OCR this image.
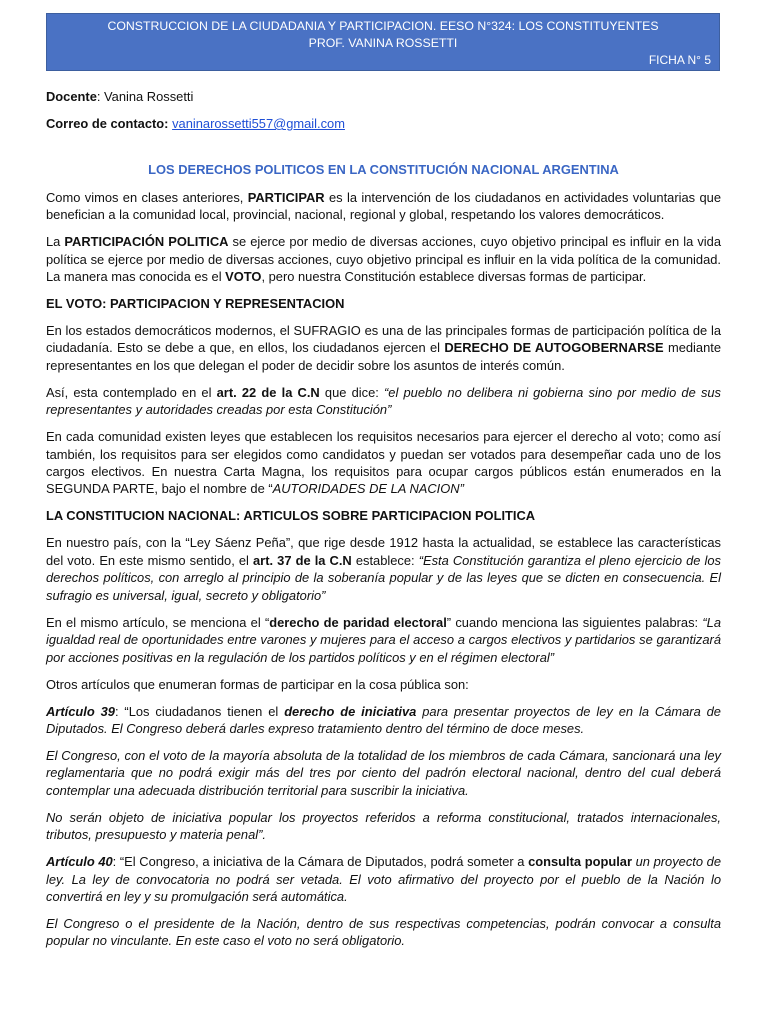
CONSTRUCCION DE LA CIUDADANIA Y PARTICIPACION. EESO N°324: LOS CONSTITUYENTES
PROF. VANINA ROSSETTI
FICHA N° 5

Docente: Vanina Rossetti

Correo de contacto: vaninarossetti557@gmail.com

LOS DERECHOS POLITICOS EN LA CONSTITUCIÓN NACIONAL ARGENTINA

Como vimos en clases anteriores, PARTICIPAR es la intervención de los ciudadanos en actividades voluntarias que benefician a la comunidad local, provincial, nacional, regional y global, respetando los valores democráticos.

La PARTICIPACIÓN POLITICA se ejerce por medio de diversas acciones, cuyo objetivo principal es influir en la vida política se ejerce por medio de diversas acciones, cuyo objetivo principal es influir en la vida política de la comunidad. La manera mas conocida es el VOTO, pero nuestra Constitución establece diversas formas de participar.

EL VOTO: PARTICIPACION Y REPRESENTACION

En los estados democráticos modernos, el SUFRAGIO es una de las principales formas de participación política de la ciudadanía. Esto se debe a que, en ellos, los ciudadanos ejercen el DERECHO DE AUTOGOBERNARSE mediante representantes en los que delegan el poder de decidir sobre los asuntos de interés común.

Así, esta contemplado en el art. 22 de la C.N que dice: “el pueblo no delibera ni gobierna sino por medio de sus representantes y autoridades creadas por esta Constitución”

En cada comunidad existen leyes que establecen los requisitos necesarios para ejercer el derecho al voto; como así también, los requisitos para ser elegidos como candidatos y puedan ser votados para desempeñar cada uno de los cargos electivos. En nuestra Carta Magna, los requisitos para ocupar cargos públicos están enumerados en la SEGUNDA PARTE, bajo el nombre de “AUTORIDADES DE LA NACION”

LA CONSTITUCION NACIONAL: ARTICULOS SOBRE PARTICIPACION POLITICA

En nuestro país, con la “Ley Sáenz Peña”, que rige desde 1912 hasta la actualidad, se establece las características del voto. En este mismo sentido, el art. 37 de la C.N establece: “Esta Constitución garantiza el pleno ejercicio de los derechos políticos, con arreglo al principio de la soberanía popular y de las leyes que se dicten en consecuencia. El sufragio es universal, igual, secreto y obligatorio”

En el mismo artículo, se menciona el “derecho de paridad electoral” cuando menciona las siguientes palabras: “La igualdad real de oportunidades entre varones y mujeres para el acceso a cargos electivos y partidarios se garantizará por acciones positivas en la regulación de los partidos políticos y en el régimen electoral”

Otros artículos que enumeran formas de participar en la cosa pública son:

Artículo 39: “Los ciudadanos tienen el derecho de iniciativa para presentar proyectos de ley en la Cámara de Diputados. El Congreso deberá darles expreso tratamiento dentro del término de doce meses.

El Congreso, con el voto de la mayoría absoluta de la totalidad de los miembros de cada Cámara, sancionará una ley reglamentaria que no podrá exigir más del tres por ciento del padrón electoral nacional, dentro del cual deberá contemplar una adecuada distribución territorial para suscribir la iniciativa.

No serán objeto de iniciativa popular los proyectos referidos a reforma constitucional, tratados internacionales, tributos, presupuesto y materia penal”.

Artículo 40: “El Congreso, a iniciativa de la Cámara de Diputados, podrá someter a consulta popular un proyecto de ley. La ley de convocatoria no podrá ser vetada. El voto afirmativo del proyecto por el pueblo de la Nación lo convertirá en ley y su promulgación será automática.

El Congreso o el presidente de la Nación, dentro de sus respectivas competencias, podrán convocar a consulta popular no vinculante. En este caso el voto no será obligatorio.
